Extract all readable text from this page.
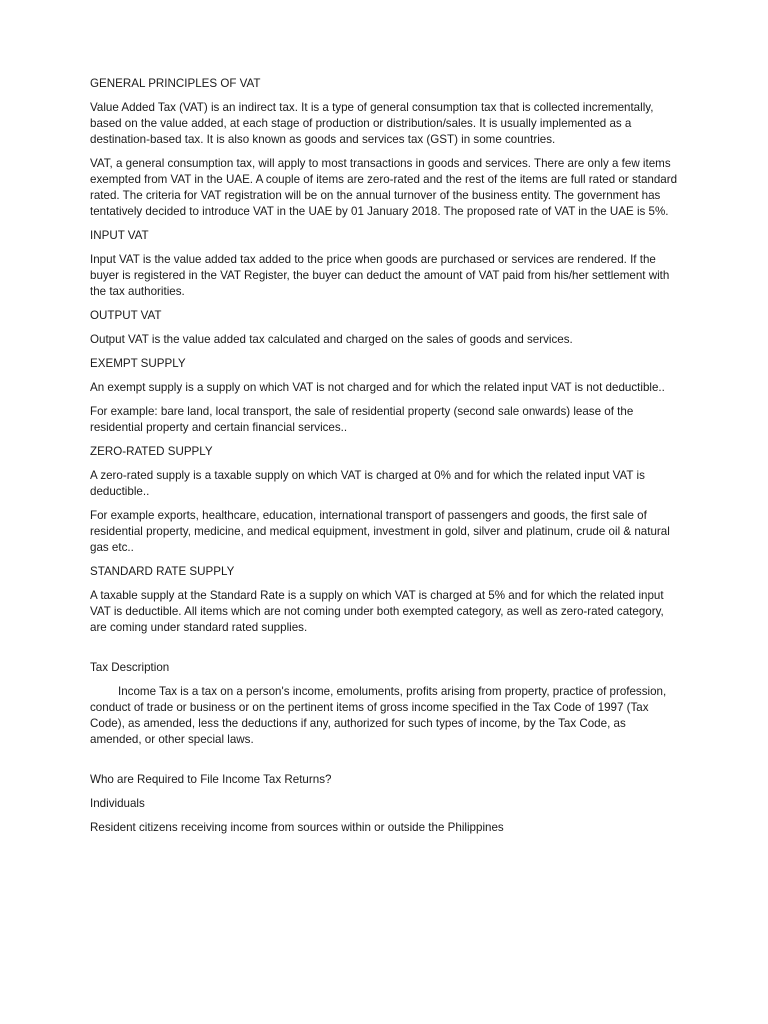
GENERAL PRINCIPLES OF VAT

Value Added Tax (VAT) is an indirect tax. It is a type of general consumption tax that is collected incrementally, based on the value added, at each stage of production or distribution/sales. It is usually implemented as a destination-based tax. It is also known as goods and services tax (GST) in some countries.

VAT, a general consumption tax, will apply to most transactions in goods and services. There are only a few items exempted from VAT in the UAE. A couple of items are zero-rated and the rest of the items are full rated or standard rated. The criteria for VAT registration will be on the annual turnover of the business entity. The government has tentatively decided to introduce VAT in the UAE by 01 January 2018. The proposed rate of VAT in the UAE is 5%.

INPUT VAT

Input VAT is the value added tax added to the price when goods are purchased or services are rendered. If the buyer is registered in the VAT Register, the buyer can deduct the amount of VAT paid from his/her settlement with the tax authorities.

OUTPUT VAT

Output VAT is the value added tax calculated and charged on the sales of goods and services.

EXEMPT SUPPLY

An exempt supply is a supply on which VAT is not charged and for which the related input VAT is not deductible..

For example: bare land, local transport, the sale of residential property (second sale onwards) lease of the residential property and certain financial services..

ZERO-RATED SUPPLY

A zero-rated supply is a taxable supply on which VAT is charged at 0% and for which the related input VAT is deductible..

For example exports, healthcare, education, international transport of passengers and goods, the first sale of residential property, medicine, and medical equipment, investment in gold, silver and platinum, crude oil & natural gas etc..

STANDARD RATE SUPPLY

A taxable supply at the Standard Rate is a supply on which VAT is charged at 5% and for which the related input VAT is deductible. All items which are not coming under both exempted category, as well as zero-rated category, are coming under standard rated supplies.

Tax Description

Income Tax is a tax on a person's income, emoluments, profits arising from property, practice of profession, conduct of trade or business or on the pertinent items of gross income specified in the Tax Code of 1997 (Tax Code), as amended, less the deductions if any, authorized for such types of income, by the Tax Code, as amended, or other special laws.

Who are Required to File Income Tax Returns?

Individuals

Resident citizens receiving income from sources within or outside the Philippines
